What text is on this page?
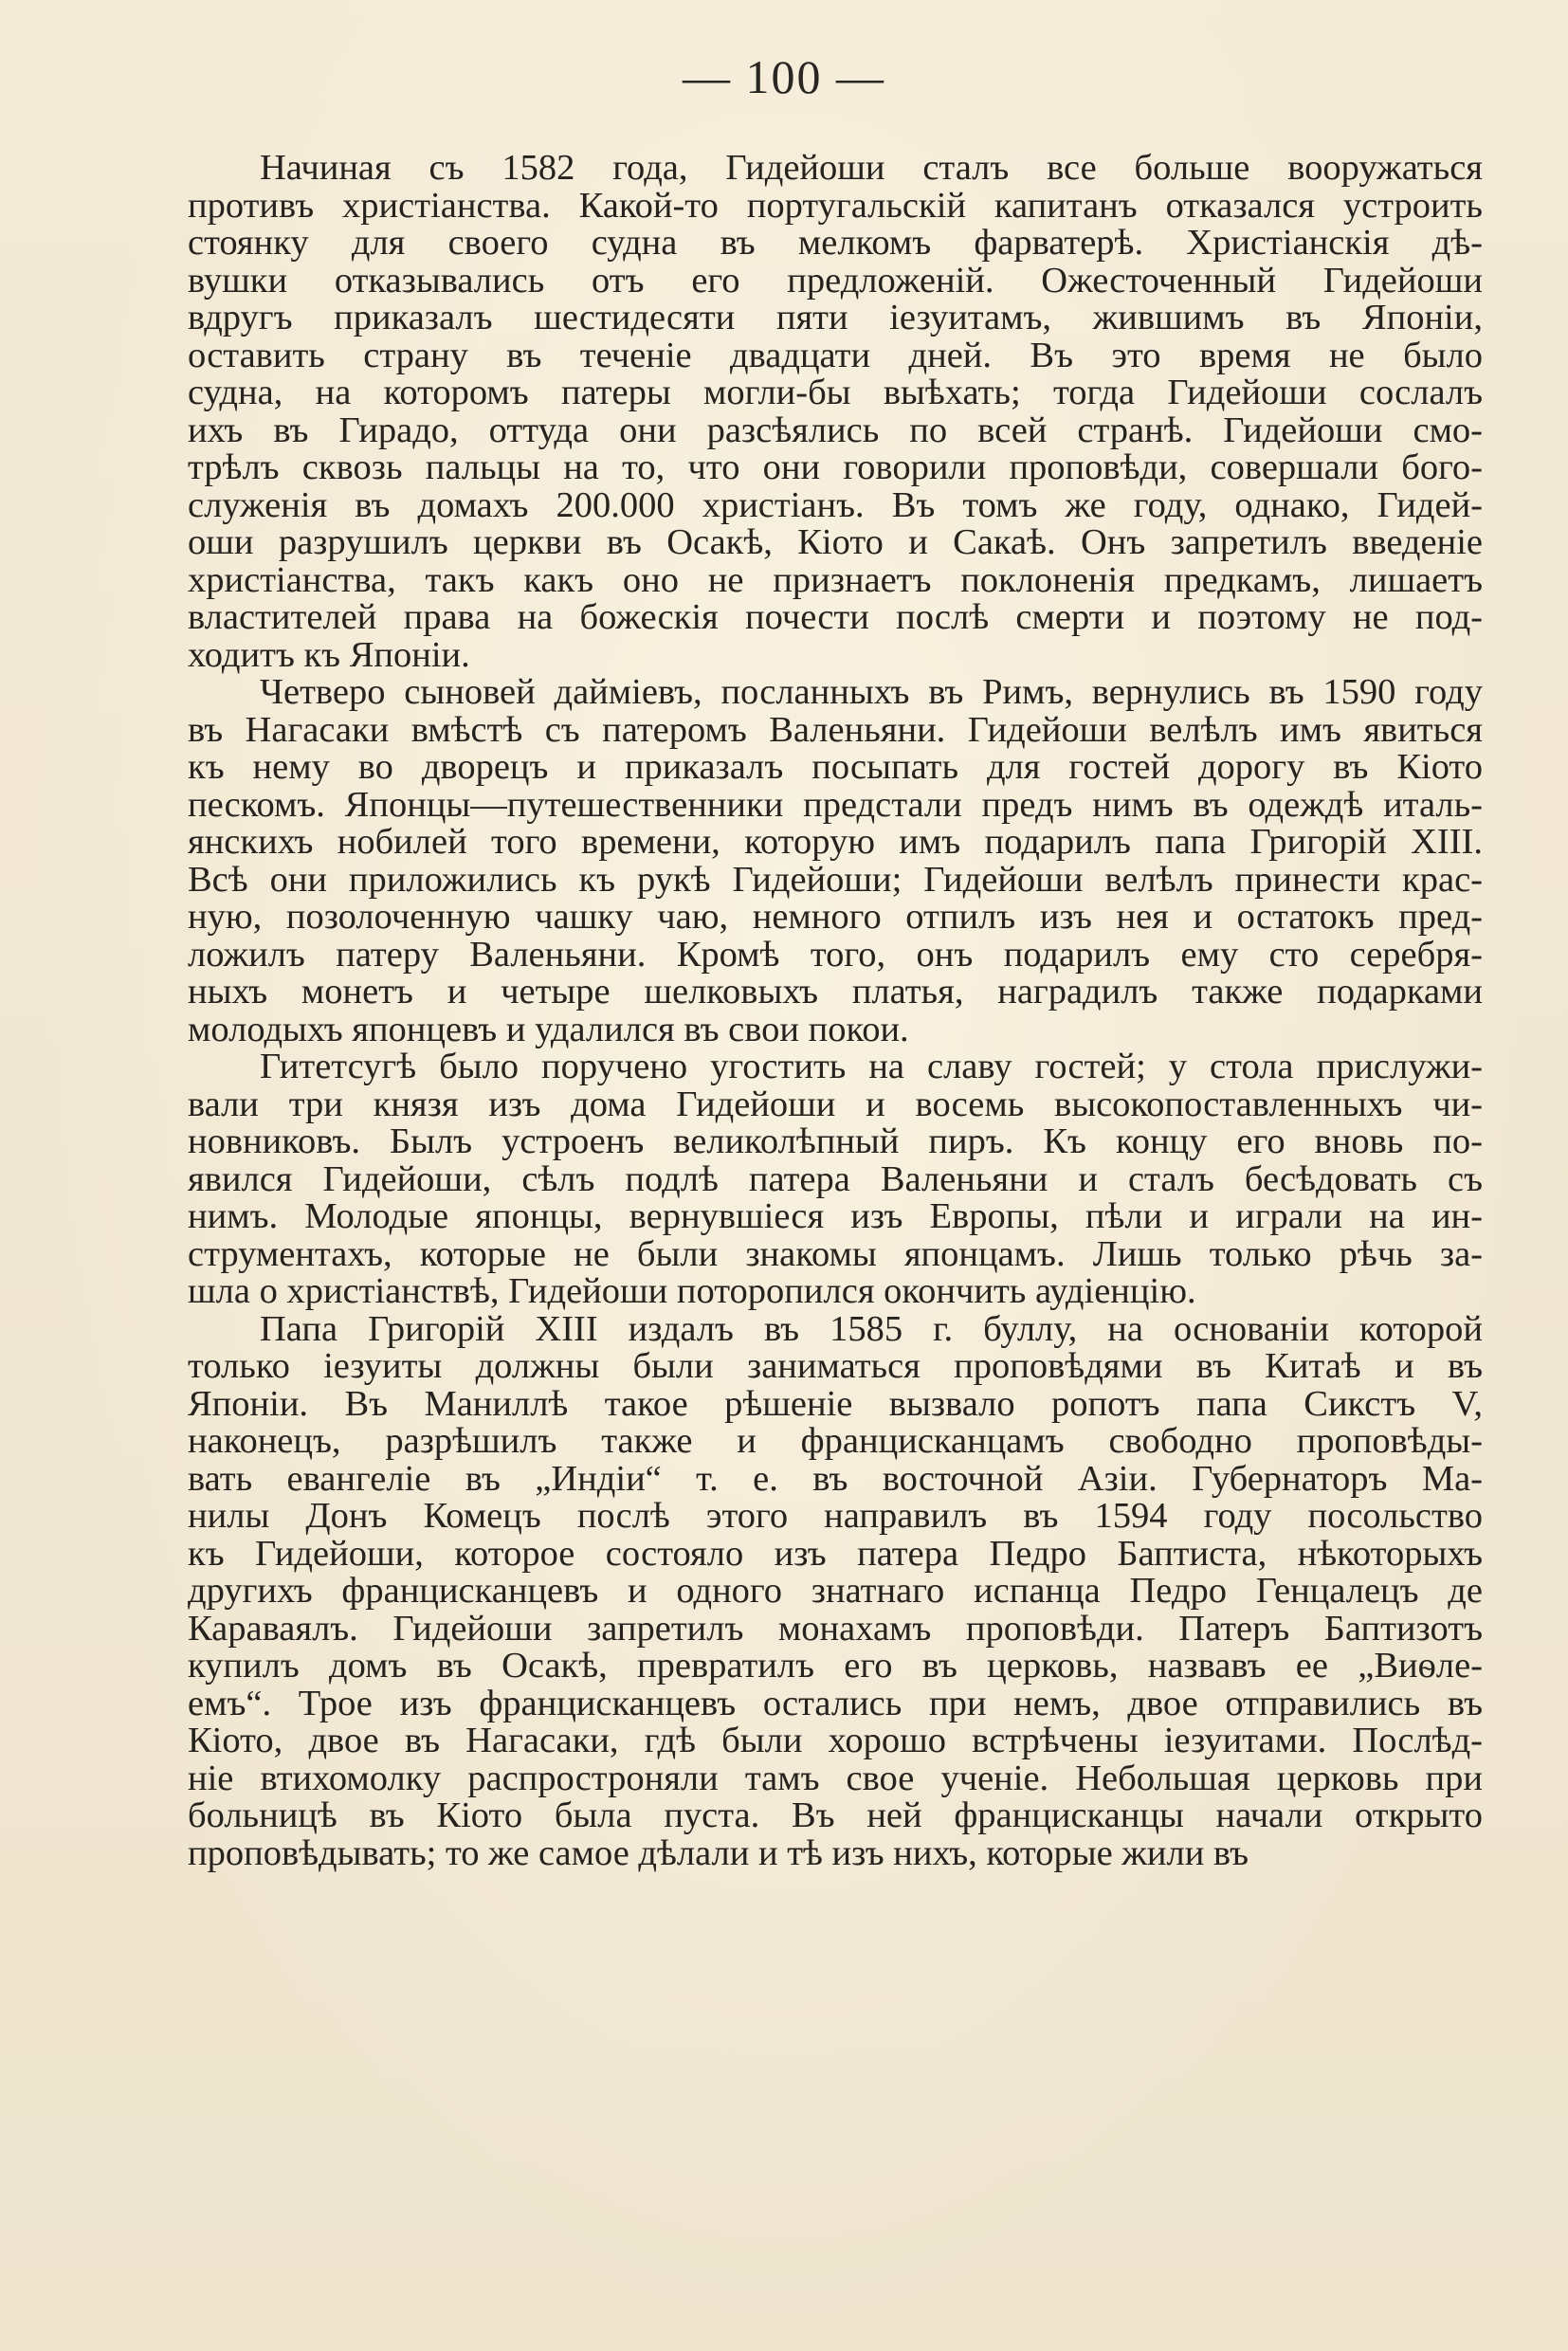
— 100 —
Начиная съ 1582 года, Гидейоши сталъ все больше вооружаться
противъ христіанства. Какой-то португальскій капитанъ отказался устроить
стоянку для своего судна въ мелкомъ фарватерѣ. Христіанскія дѣ-
вушки отказывались отъ его предложеній. Ожесточенный Гидейоши
вдругъ приказалъ шестидесяти пяти іезуитамъ, жившимъ въ Японіи,
оставить страну въ теченіе двадцати дней. Въ это время не было
судна, на которомъ патеры могли-бы выѣхать; тогда Гидейоши сослалъ
ихъ въ Гирадо, оттуда они разсѣялись по всей странѣ. Гидейоши смо-
трѣлъ сквозь пальцы на то, что они говорили проповѣди, совершали бого-
служенія въ домахъ 200.000 христіанъ. Въ томъ же году, однако, Гидей-
оши разрушилъ церкви въ Осакѣ, Кіото и Сакаѣ. Онъ запретилъ введеніе
христіанства, такъ какъ оно не признаетъ поклоненія предкамъ, лишаетъ
властителей права на божескія почести послѣ смерти и поэтому не под-
ходитъ къ Японіи.
Четверо сыновей дайміевъ, посланныхъ въ Римъ, вернулись въ 1590 году
въ Нагасаки вмѣстѣ съ патеромъ Валеньяни. Гидейоши велѣлъ имъ явиться
къ нему во дворецъ и приказалъ посыпать для гостей дорогу въ Кіото
пескомъ. Японцы—путешественники предстали предъ нимъ въ одеждѣ италь-
янскихъ нобилей того времени, которую имъ подарилъ папа Григорій XIII.
Всѣ они приложились къ рукѣ Гидейоши; Гидейоши велѣлъ принести крас-
ную, позолоченную чашку чаю, немного отпилъ изъ нея и остатокъ пред-
ложилъ патеру Валеньяни. Кромѣ того, онъ подарилъ ему сто серебря-
ныхъ монетъ и четыре шелковыхъ платья, наградилъ также подарками
молодыхъ японцевъ и удалился въ свои покои.
Гитетсугѣ было поручено угостить на славу гостей; у стола прислужи-
вали три князя изъ дома Гидейоши и восемь высокопоставленныхъ чи-
новниковъ. Былъ устроенъ великолѣпный пиръ. Къ концу его вновь по-
явился Гидейоши, сѣлъ подлѣ патера Валеньяни и сталъ бесѣдовать съ
нимъ. Молодые японцы, вернувшіеся изъ Европы, пѣли и играли на ин-
струментахъ, которые не были знакомы японцамъ. Лишь только рѣчь за-
шла о христіанствѣ, Гидейоши поторопился окончить аудіенцію.
Папа Григорій XIII издалъ въ 1585 г. буллу, на основаніи которой
только іезуиты должны были заниматься проповѣдями въ Китаѣ и въ
Японіи. Въ Маниллѣ такое рѣшеніе вызвало ропотъ папа Сикстъ V,
наконецъ, разрѣшилъ также и францисканцамъ свободно проповѣды-
вать евангеліе въ „Индіи“ т. е. въ восточной Азіи. Губернаторъ Ма-
нилы Донъ Комецъ послѣ этого направилъ въ 1594 году посольство
къ Гидейоши, которое состояло изъ патера Педро Баптиста, нѣкоторыхъ
другихъ францисканцевъ и одного знатнаго испанца Педро Генцалецъ де
Караваялъ. Гидейоши запретилъ монахамъ проповѣди. Патеръ Баптизотъ
купилъ домъ въ Осакѣ, превратилъ его въ церковь, назвавъ ее „Виѳле-
емъ“. Трое изъ францисканцевъ остались при немъ, двое отправились въ
Кіото, двое въ Нагасаки, гдѣ были хорошо встрѣчены іезуитами. Послѣд-
ніе втихомолку распростроняли тамъ свое ученіе. Небольшая церковь при
больницѣ въ Кіото была пуста. Въ ней францисканцы начали открыто
проповѣдывать; то же самое дѣлали и тѣ изъ нихъ, которые жили въ
